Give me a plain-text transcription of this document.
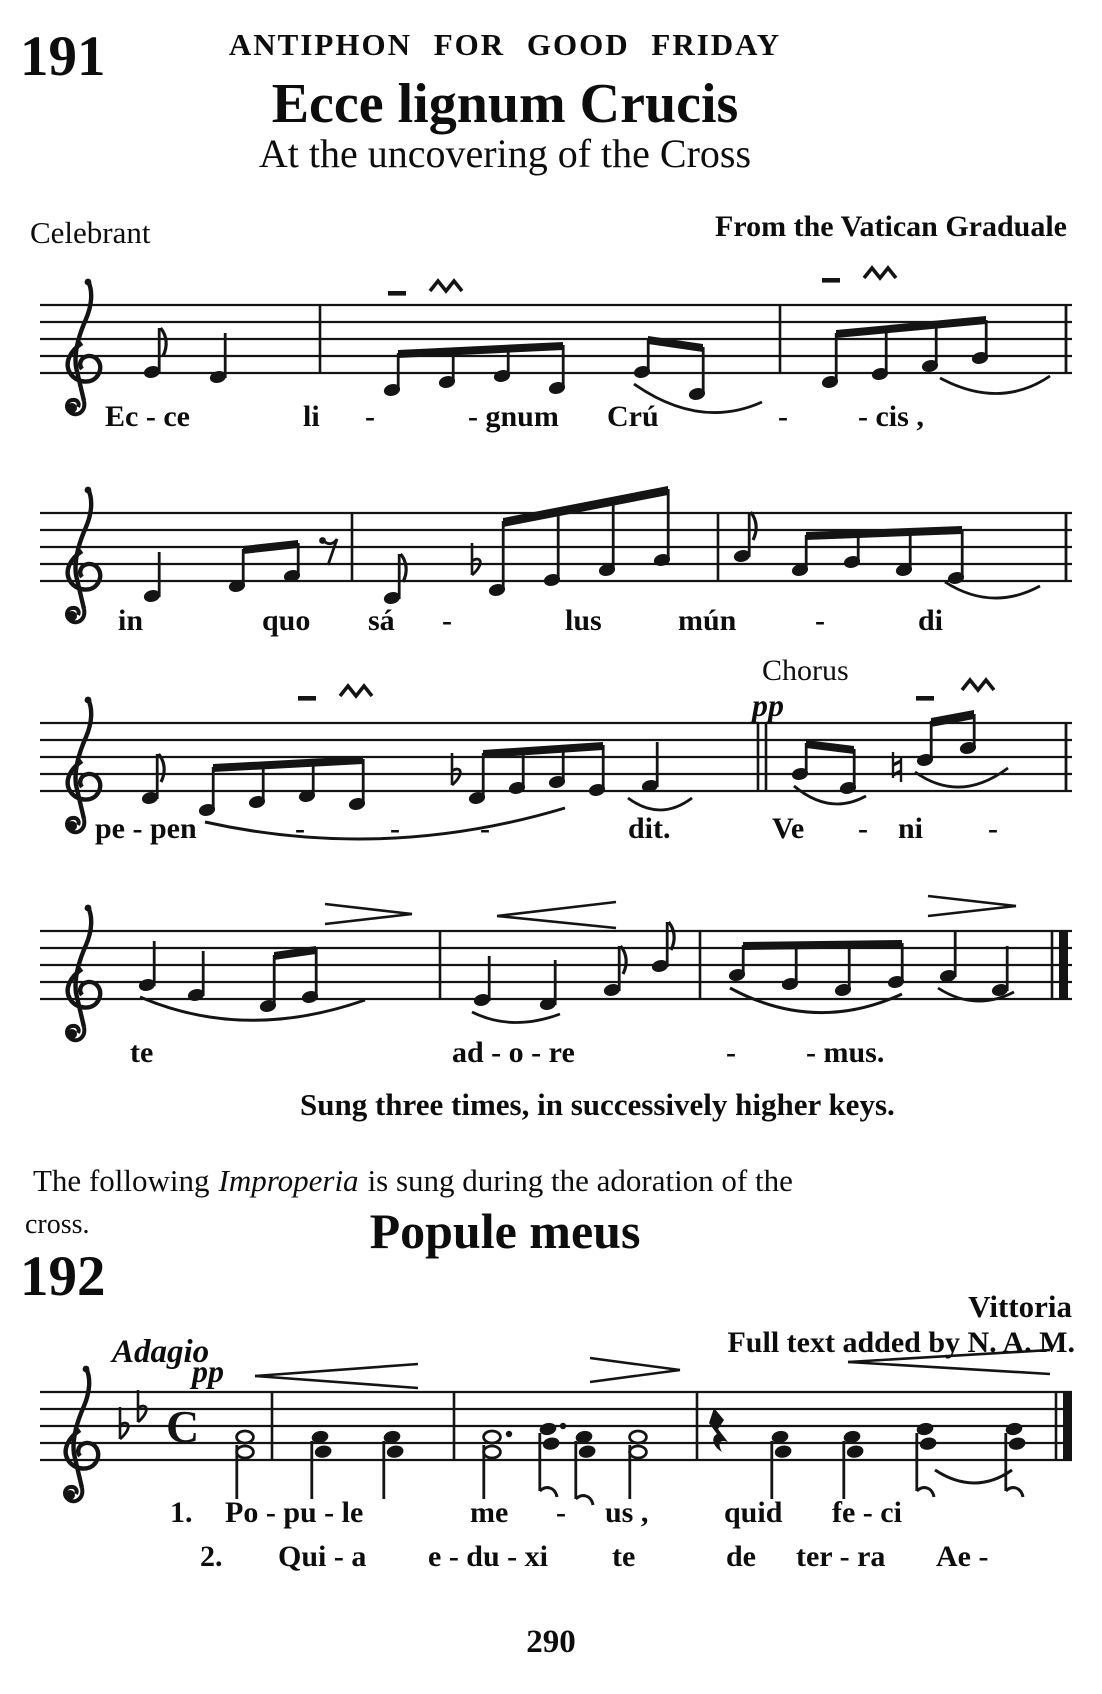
C
191	ANTIPHON FOR GOOD FRIDAY
Ecce lignum Crucis
At the uncovering of the Cross
Celebrant	From the Vatican Graduale
Ec - ce	li -	- gnum Crú	- - cis ,
in	quo sá -	lus	mún	-	di
Chorus
pp
pe - pen	-	-	-	dit.	Ve - ni -
te	ad - o - re	- - mus.
Sung three times, in successively higher keys.
The following Improperia is sung during the adoration of the
cross.	Popule meus
192	Vittoria
Full text added by N. A. M.
Adagio
pp
1. Po - pu - le	me - us ,	quid fe - ci
2. Qui - a e - du - xi te	de ter - ra Ae -
290
